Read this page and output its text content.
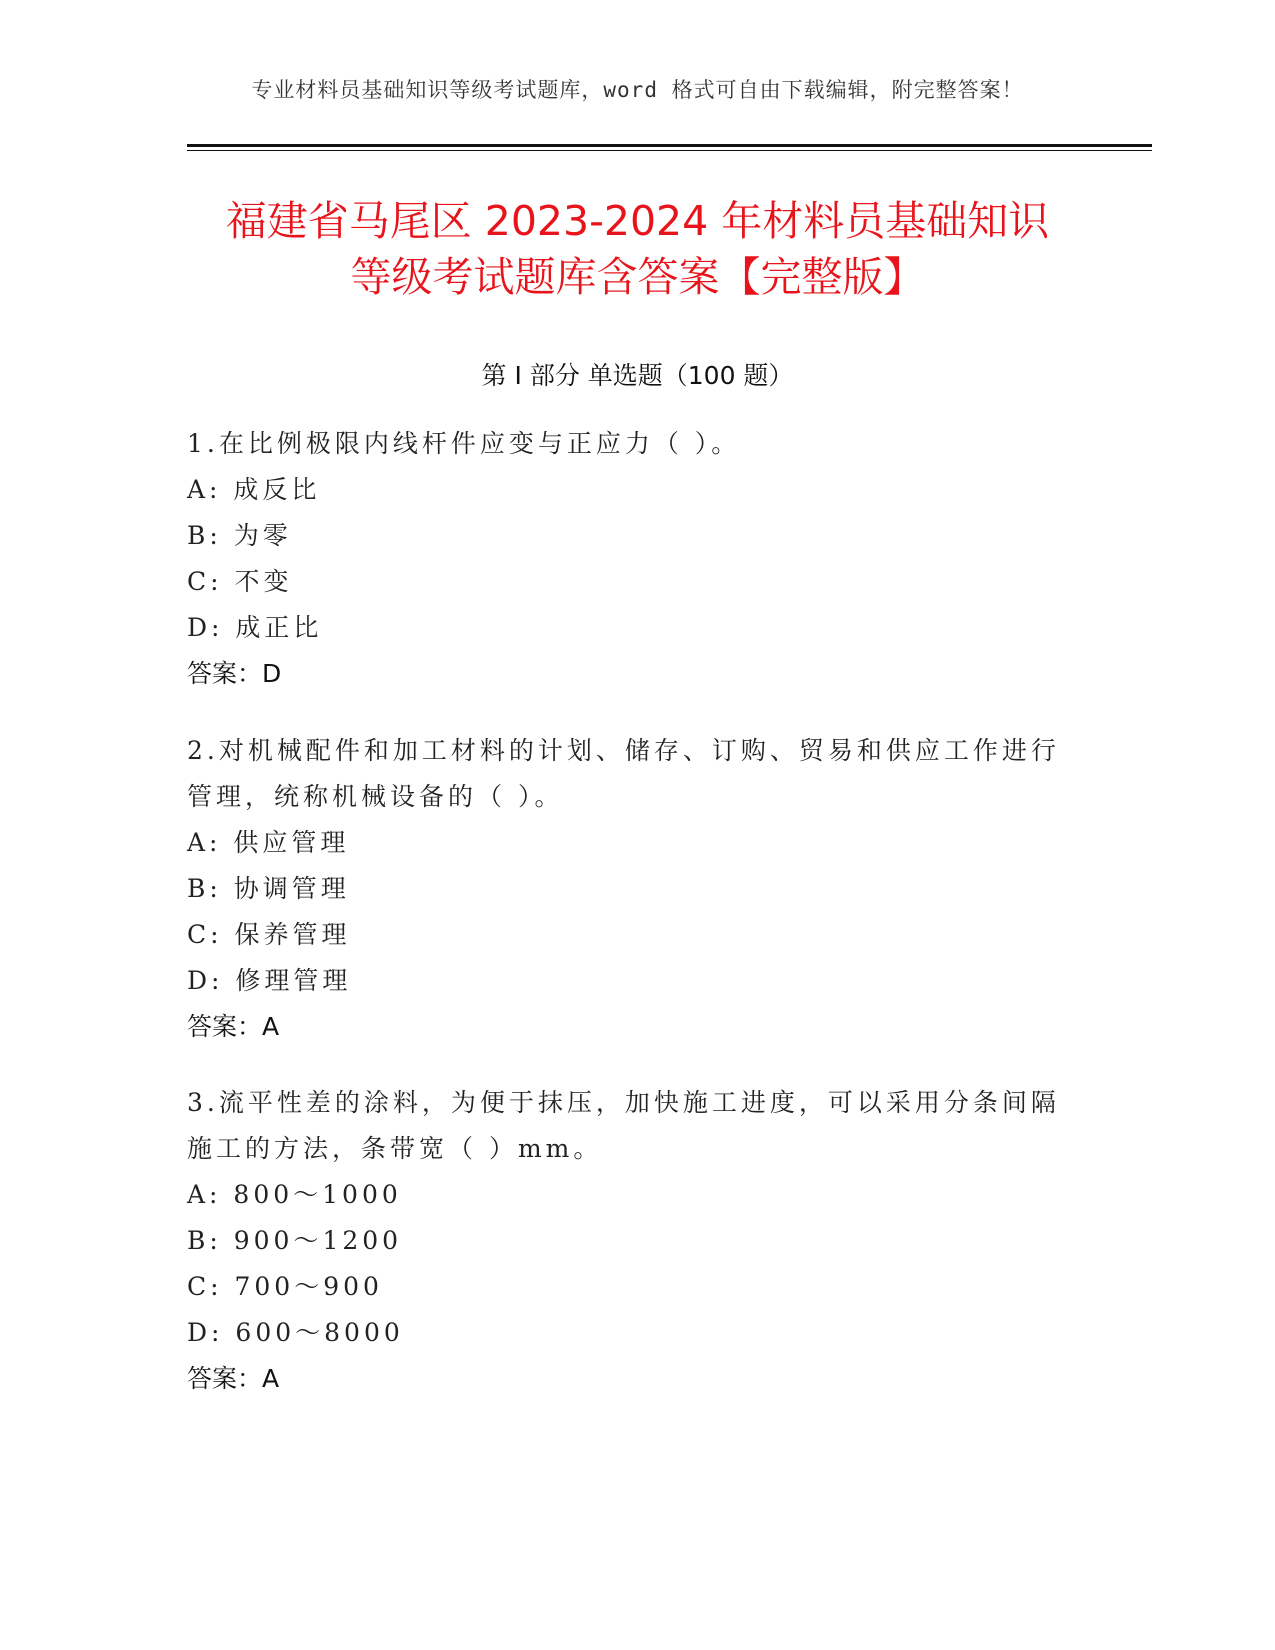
专业材料员基础知识等级考试题库，word 格式可自由下载编辑，附完整答案！
福建省马尾区 2023-2024 年材料员基础知识
等级考试题库含答案【完整版】
第 I 部分 单选题（100 题）

1.在比例极限内线杆件应变与正应力（ ）。

A: 成反比

B: 为零

C: 不变

D: 成正比

答案：D

2.对机械配件和加工材料的计划、储存、订购、贸易和供应工作进行管理，统称机械设备的（ ）。

A: 供应管理

B: 协调管理

C: 保养管理

D: 修理管理

答案：A

3.流平性差的涂料，为便于抹压，加快施工进度，可以采用分条间隔施工的方法，条带宽（ ）mm。

A: 800～1000

B: 900～1200

C: 700～900

D: 600～8000

答案：A
